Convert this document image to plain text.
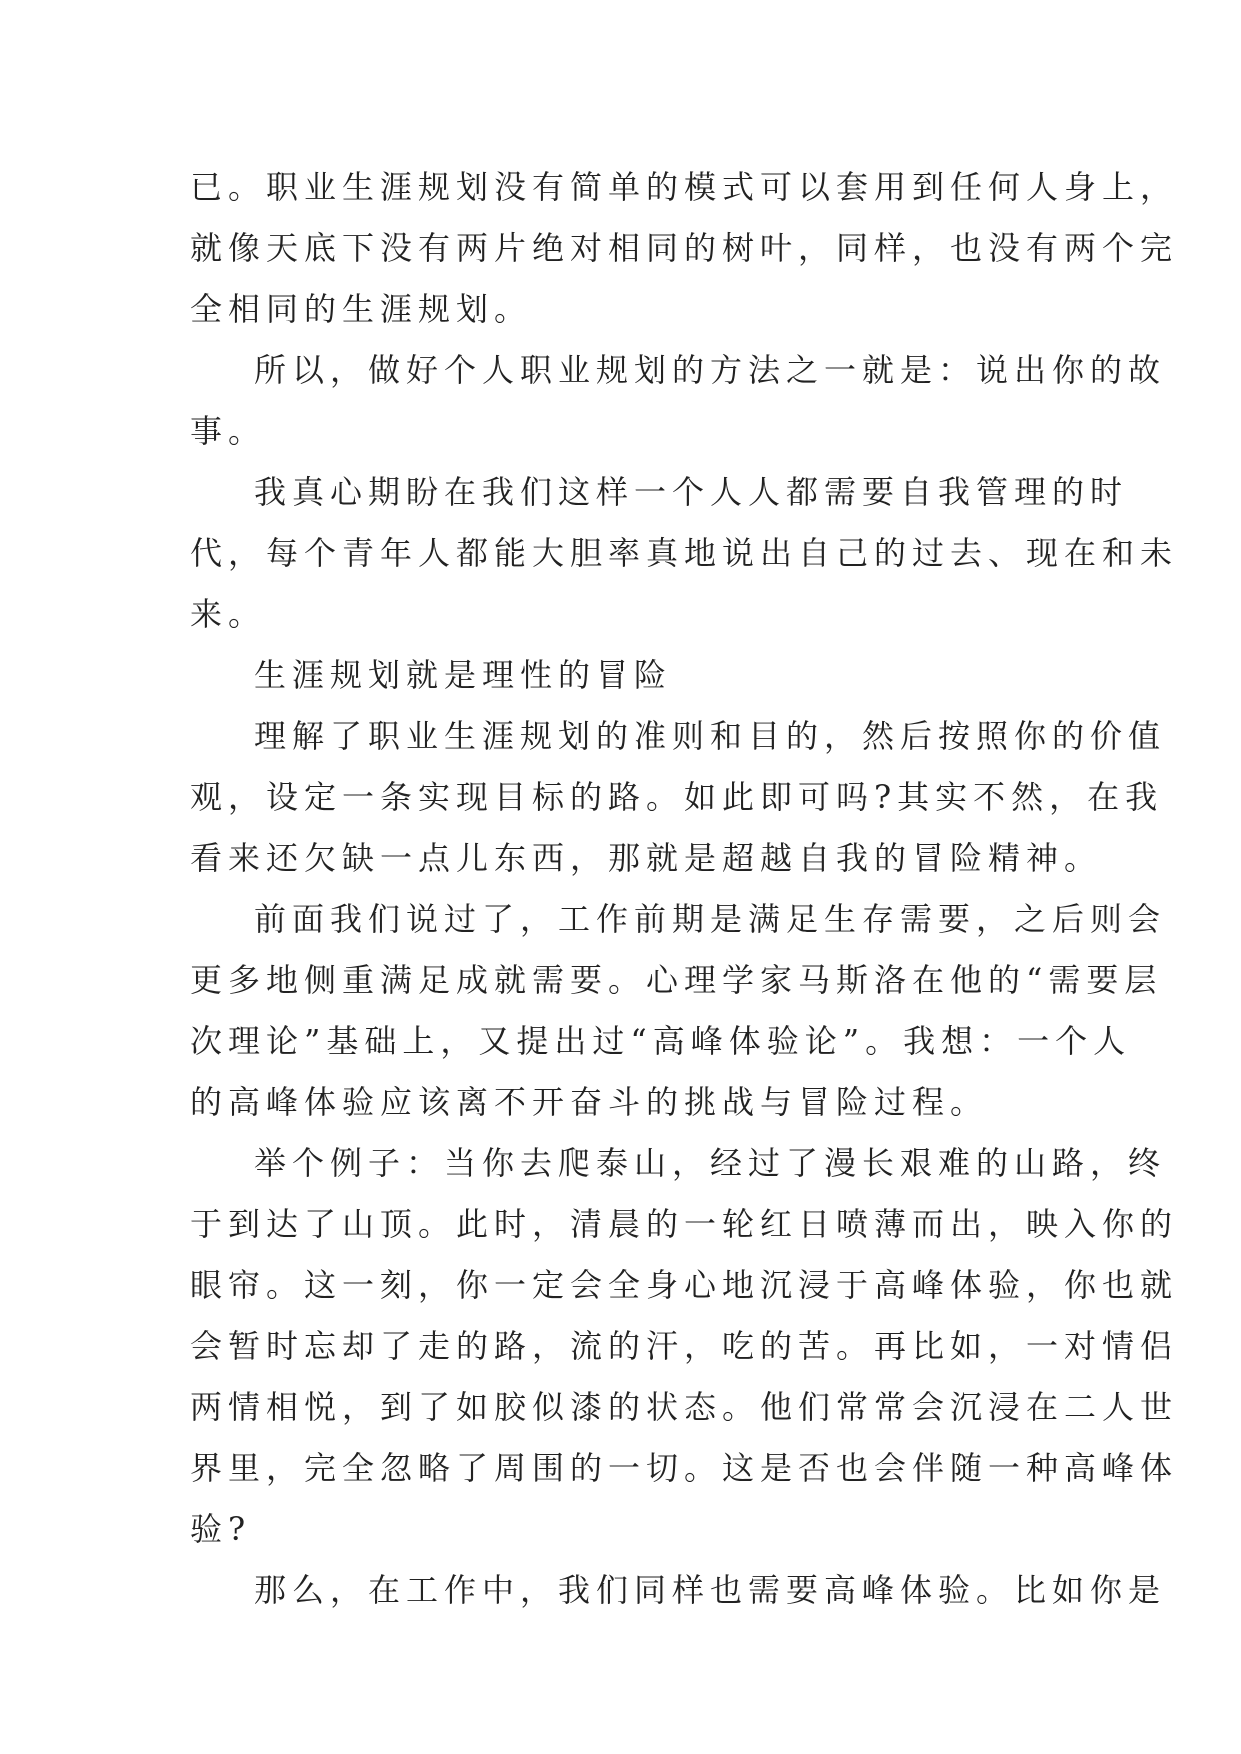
已。职业生涯规划没有简单的模式可以套用到任何人身上，
就像天底下没有两片绝对相同的树叶，同样，也没有两个完
全相同的生涯规划。
所以，做好个人职业规划的方法之一就是：说出你的故
事。
我真心期盼在我们这样一个人人都需要自我管理的时
代，每个青年人都能大胆率真地说出自己的过去、现在和未
来。
生涯规划就是理性的冒险
理解了职业生涯规划的准则和目的，然后按照你的价值
观，设定一条实现目标的路。如此即可吗?其实不然，在我
看来还欠缺一点儿东西，那就是超越自我的冒险精神。
前面我们说过了，工作前期是满足生存需要，之后则会
更多地侧重满足成就需要。心理学家马斯洛在他的“需要层
次理论”基础上，又提出过“高峰体验论”。我想：一个人
的高峰体验应该离不开奋斗的挑战与冒险过程。
举个例子：当你去爬泰山，经过了漫长艰难的山路，终
于到达了山顶。此时，清晨的一轮红日喷薄而出，映入你的
眼帘。这一刻，你一定会全身心地沉浸于高峰体验，你也就
会暂时忘却了走的路，流的汗，吃的苦。再比如，一对情侣
两情相悦，到了如胶似漆的状态。他们常常会沉浸在二人世
界里，完全忽略了周围的一切。这是否也会伴随一种高峰体
验?
那么，在工作中，我们同样也需要高峰体验。比如你是
